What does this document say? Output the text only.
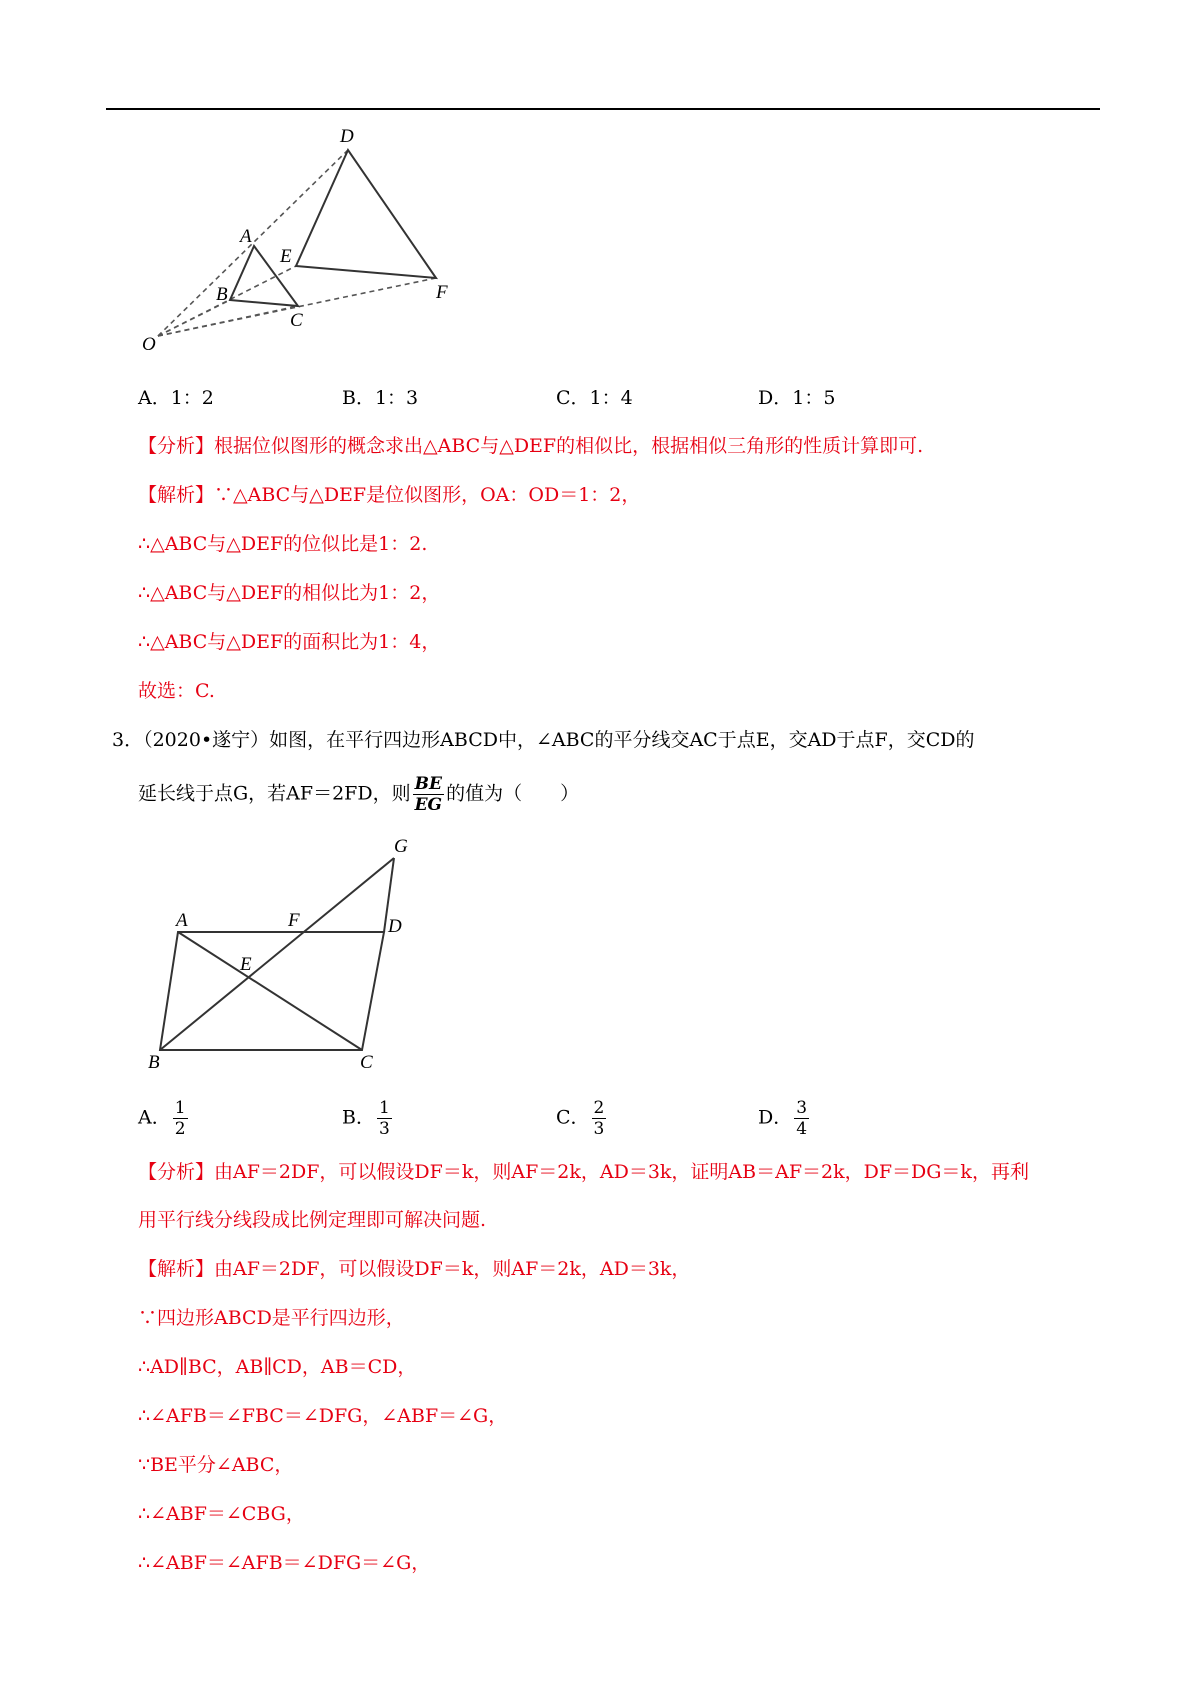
D
A
E
B
C
F
O
A．1：2	B．1：3	C．1：4	D．1：5
【分析】根据位似图形的概念求出△ABC与△DEF的相似比，根据相似三角形的性质计算即可.
【解析】∵△ABC与△DEF是位似图形，OA：OD＝1：2，
∴△ABC与△DEF的位似比是1：2.
∴△ABC与△DEF的相似比为1：2，
∴△ABC与△DEF的面积比为1：4，
故选：C.
3．（2020•遂宁）如图，在平行四边形ABCD中，∠ABC的平分线交AC于点E，交AD于点F，交CD的
延长线于点G，若AF＝2FD，则 $\frac{BE}{EG}$ 的值为（　　）
G
A	F	D
E
B	C
A． $\frac{1}{2}$	B． $\frac{1}{3}$	C． $\frac{2}{3}$	D． $\frac{3}{4}$
【分析】由AF＝2DF，可以假设DF＝k，则AF＝2k，AD＝3k，证明AB＝AF＝2k，DF＝DG＝k，再利
用平行线分线段成比例定理即可解决问题.
【解析】由AF＝2DF，可以假设DF＝k，则AF＝2k，AD＝3k，
∵四边形ABCD是平行四边形，
∴AD∥BC，AB∥CD，AB＝CD，
∴∠AFB＝∠FBC＝∠DFG，∠ABF＝∠G，
∵BE平分∠ABC，
∴∠ABF＝∠CBG，
∴∠ABF＝∠AFB＝∠DFG＝∠G，
